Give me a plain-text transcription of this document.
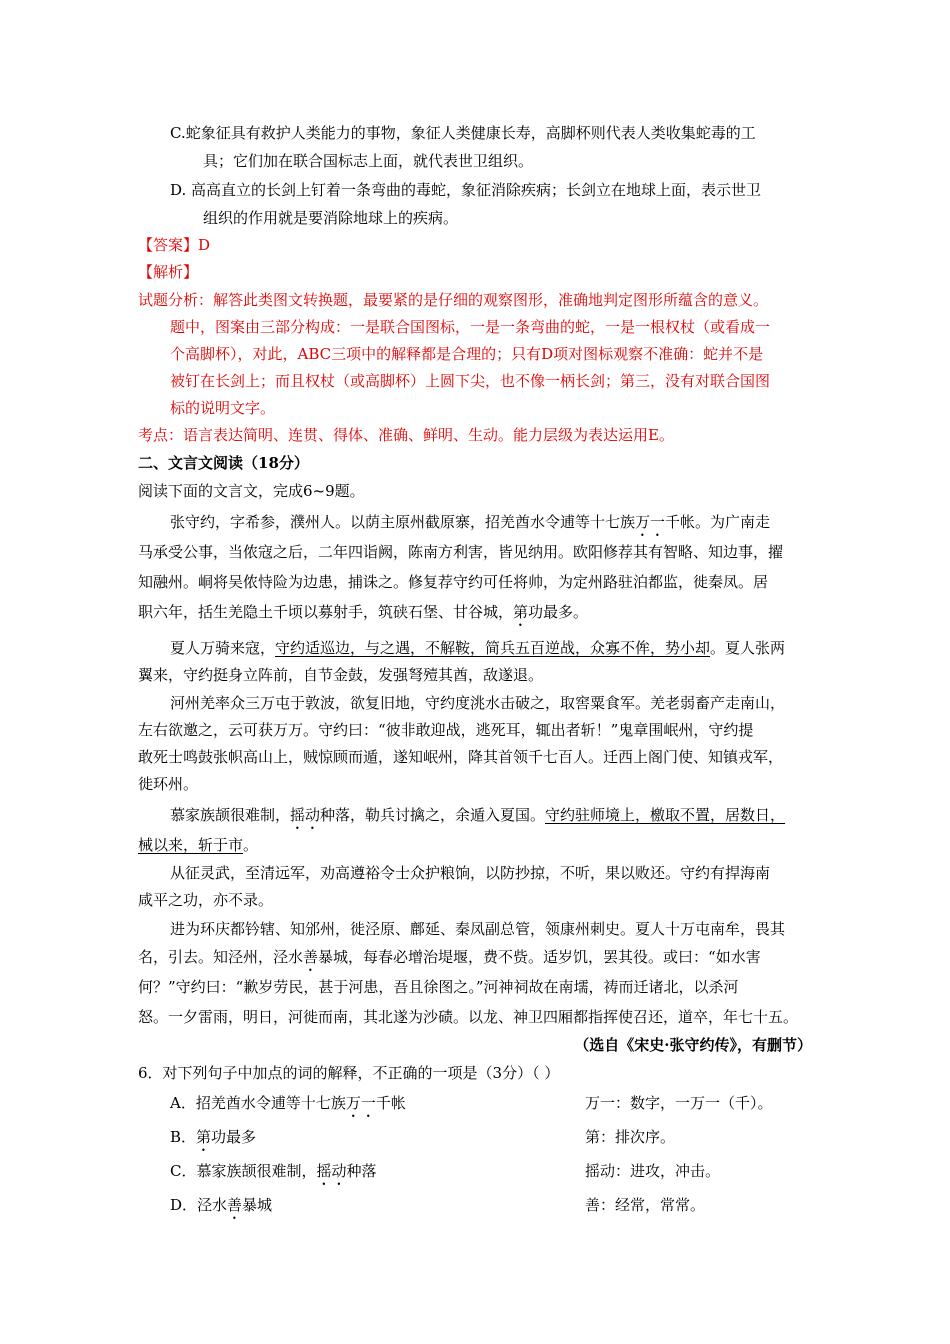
C.蛇象征具有救护人类能力的事物，象征人类健康长寿，高脚杯则代表人类收集蛇毒的工
具；它们加在联合国标志上面，就代表世卫组织。
D. 高高直立的长剑上钉着一条弯曲的毒蛇，象征消除疾病；长剑立在地球上面，表示世卫
组织的作用就是要消除地球上的疾病。
【答案】D
【解析】
试题分析：解答此类图文转换题，最要紧的是仔细的观察图形，准确地判定图形所蕴含的意义。
题中，图案由三部分构成：一是联合国图标，一是一条弯曲的蛇，一是一根权杖（或看成一
个高脚杯），对此，ABC三项中的解释都是合理的；只有D项对图标观察不准确：蛇并不是
被钉在长剑上；而且权杖（或高脚杯）上圆下尖，也不像一柄长剑；第三，没有对联合国图
标的说明文字。
考点：语言表达简明、连贯、得体、准确、鲜明、生动。能力层级为表达运用E。
二、文言文阅读（18分）
阅读下面的文言文，完成6~9题。
张守约，字希参，濮州人。以荫主原州截原寨，招羌酋水令逋等十七族万一千帐。为广南走
马承受公事，当侬寇之后，二年四诣阙，陈南方利害，皆见纳用。欧阳修荐其有智略、知边事，擢
知融州。峒将吴侬恃险为边患，捕诛之。修复荐守约可任将帅，为定州路驻泊都监，徙秦凤。居
职六年，括生羌隐土千顷以募射手，筑硖石堡、甘谷城，第功最多。
夏人万骑来寇，守约适巡边，与之遇，不解鞍，简兵五百逆战，众寡不侔，势小却。夏人张两
翼来，守约挺身立阵前，自节金鼓，发强弩殪其酋，敌遂退。
河州羌率众三万屯于敦波，欲复旧地，守约度洮水击破之，取窖粟食军。羌老弱畜产走南山，
左右欲邀之，云可获万万。守约曰：“彼非敢迎战，逃死耳，辄出者斩！”鬼章围岷州，守约提
敢死士鸣鼓张帜高山上，贼惊顾而遁，遂知岷州，降其首领千七百人。迁西上阁门使、知镇戎军，
徙环州。
慕家族颉很难制，摇动种落，勒兵讨擒之，余遁入夏国。守约驻师境上，檄取不置，居数日，
械以来，斩于市。
从征灵武，至清远军，劝高遵裕令士众护粮饷，以防抄掠，不听，果以败还。守约有捍海南
咸平之功，亦不录。
进为环庆都钤辖、知邠州，徙泾原、鄜延、秦凤副总管，领康州刺史。夏人十万屯南牟，畏其
名，引去。知泾州，泾水善暴城，每春必增治堤堰，费不赀。适岁饥，罢其役。或曰：“如水害
何？”守约曰：“歉岁劳民，甚于河患，吾且徐图之。”河神祠故在南壖，祷而迁诸北，以杀河
怒。一夕雷雨，明日，河徙而南，其北遂为沙碛。以龙、神卫四厢都指挥使召还，道卒，年七十五。
（选自《宋史·张守约传》，有删节）
6．对下列句子中加点的词的解释，不正确的一项是（3分）（ ）
A．招羌酋水令逋等十七族万一千帐	万一：数字，一万一（千）。
B．第功最多	第：排次序。
C．慕家族颉很难制，摇动种落	摇动：进攻，冲击。
D．泾水善暴城	善：经常，常常。
